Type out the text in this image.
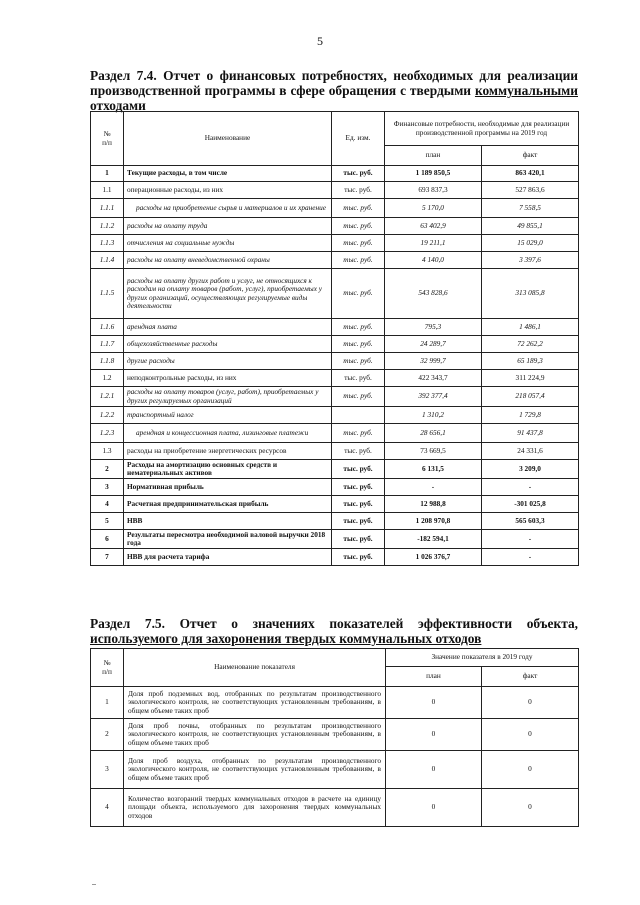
5
Раздел 7.4. Отчет о финансовых потребностях, необходимых для реализации производственной программы в сфере обращения с твердыми коммунальными отходами
№
п/п	Наименование	Ед. изм.	Финансовые потребности, необходимые для реализации производственной программы на 2019 год	
			план	факт
1	Текущие расходы, в том числе	тыс. руб.	1 189 850,5	863 420,1
1.1	операционные расходы, из них	тыс. руб.	693 837,3	527 863,6
1.1.1	расходы на приобретение сырья и материалов и их хранение	тыс. руб.	5 170,0	7 558,5
1.1.2	расходы на оплату труда	тыс. руб.	63 402,9	49 855,1
1.1.3	отчисления на социальные нужды	тыс. руб.	19 211,1	15 029,0
1.1.4	расходы на оплату вневедомственной охраны	тыс. руб.	4 140,0	3 397,6
1.1.5	расходы на оплату других работ и услуг, не относящихся к расходам на оплату товаров (работ, услуг), приобретаемых у других организаций, осуществляющих регулируемые виды деятельности	тыс. руб.	543 828,6	313 085,8
1.1.6	арендная плата	тыс. руб.	795,3	1 486,1
1.1.7	общехозяйственные расходы	тыс. руб.	24 289,7	72 262,2
1.1.8	другие расходы	тыс. руб.	32 999,7	65 189,3
1.2	неподконтрольные расходы, из них	тыс. руб.	422 343,7	311 224,9
1.2.1	расходы на оплату товаров (услуг, работ), приобретаемых у других регулируемых организаций	тыс. руб.	392 377,4	218 057,4
1.2.2	транспортный налог		1 310,2	1 729,8
1.2.3	арендная и концессионная плата, лизинговые платежи	тыс. руб.	28 656,1	91 437,8
1.3	расходы на приобретение энергетических ресурсов	тыс. руб.	73 669,5	24 331,6
2	Расходы на амортизацию основных средств и нематериальных активов	тыс. руб.	6 131,5	3 209,0
3	Нормативная прибыль	тыс. руб.	-	-
4	Расчетная предпринимательская прибыль	тыс. руб.	12 988,8	-301 025,8
5	НВВ	тыс. руб.	1 208 970,8	565 603,3
6	Результаты пересмотра необходимой валовой выручки 2018 года	тыс. руб.	-182 594,1	-
7	НВВ для расчета тарифа	тыс. руб.	1 026 376,7	-
Раздел 7.5. Отчет о значениях показателей эффективности объекта, используемого для захоронения твердых коммунальных отходов
№
п/п	Наименование показателя	Значение показателя в 2019 году	
		план	факт
1	Доля проб подземных вод, отобранных по результатам производственного экологического контроля, не соответствующих установленным требованиям, в общем объеме таких проб	0	0
2	Доля проб почвы, отобранных по результатам производственного экологического контроля, не соответствующих установленным требованиям, в общем объеме таких проб	0	0
3	Доля проб воздуха, отобранных по результатам производственного экологического контроля, не соответствующих установленным требованиям, в общем объеме таких проб	0	0
4	Количество возгораний твердых коммунальных отходов в расчете на единицу площади объекта, используемого для захоронения твердых коммунальных отходов	0	0
